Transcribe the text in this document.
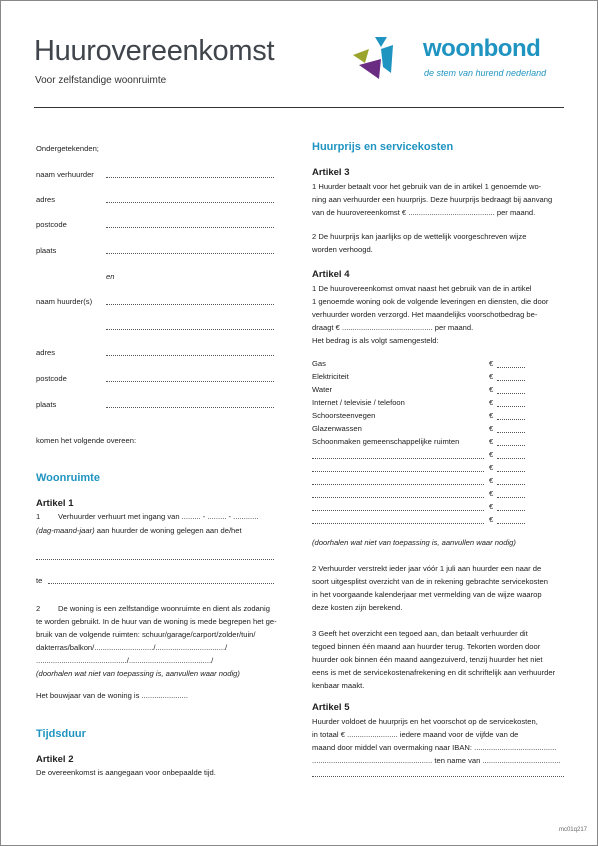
Huurovereenkomst
Voor zelfstandige woonruimte
woonbond
de stem van hurend nederland
Ondergetekenden;
naam verhuurder
adres
postcode
plaats
en
naam huurder(s)
adres
postcode
plaats
komen het volgende overeen:
Woonruimte
Artikel 1
1 Verhuurder verhuurt met ingang van ......... - ......... - ............
(dag-maand-jaar) aan huurder de woning gelegen aan de/het
te
2 De woning is een zelfstandige woonruimte en dient als zodanig
te worden gebruikt. In de huur van de woning is mede begrepen het ge-
bruik van de volgende ruimten: schuur/garage/carport/zolder/tuin/
dakterras/balkon/............................/................................./
.........................................../......................................./
(doorhalen wat niet van toepassing is, aanvullen waar nodig)
Het bouwjaar van de woning is ......................
Tijdsduur
Artikel 2
De overeenkomst is aangegaan voor onbepaalde tijd.
Huurprijs en servicekosten
Artikel 3
1 Huurder betaalt voor het gebruik van de in artikel 1 genoemde wo-
ning aan verhuurder een huurprijs. Deze huurprijs bedraagt bij aanvang
van de huurovereenkomst € ......................................... per maand.
2 De huurprijs kan jaarlijks op de wettelijk voorgeschreven wijze
worden verhoogd.
Artikel 4
1 De huurovereenkomst omvat naast het gebruik van de in artikel
1 genoemde woning ook de volgende leveringen en diensten, die door
verhuurder worden verzorgd. Het maandelijks voorschotbedrag be-
draagt € ........................................... per maand.
Het bedrag is als volgt samengesteld:
Gas	€
Elektriciteit	€
Water	€
Internet / televisie / telefoon	€
Schoorsteenvegen	€
Glazenwassen	€
Schoonmaken gemeenschappelijke ruimten	€
€
€
€
€
€
€
(doorhalen wat niet van toepassing is, aanvullen waar nodig)
2 Verhuurder verstrekt ieder jaar vóór 1 juli aan huurder een naar de
soort uitgesplitst overzicht van de in rekening gebrachte servicekosten
in het voorgaande kalenderjaar met vermelding van de wijze waarop
deze kosten zijn berekend.
3 Geeft het overzicht een tegoed aan, dan betaalt verhuurder dit
tegoed binnen één maand aan huurder terug. Tekorten worden door
huurder ook binnen één maand aangezuiverd, tenzij huurder het niet
eens is met de servicekostenafrekening en dit schriftelijk aan verhuurder
kenbaar maakt.
Artikel 5
Huurder voldoet de huurprijs en het voorschot op de servicekosten,
in totaal € ........................ iedere maand voor de vijfde van de
maand door middel van overmaking naar IBAN: .......................................
......................................................... ten name van .....................................
mc01q217
